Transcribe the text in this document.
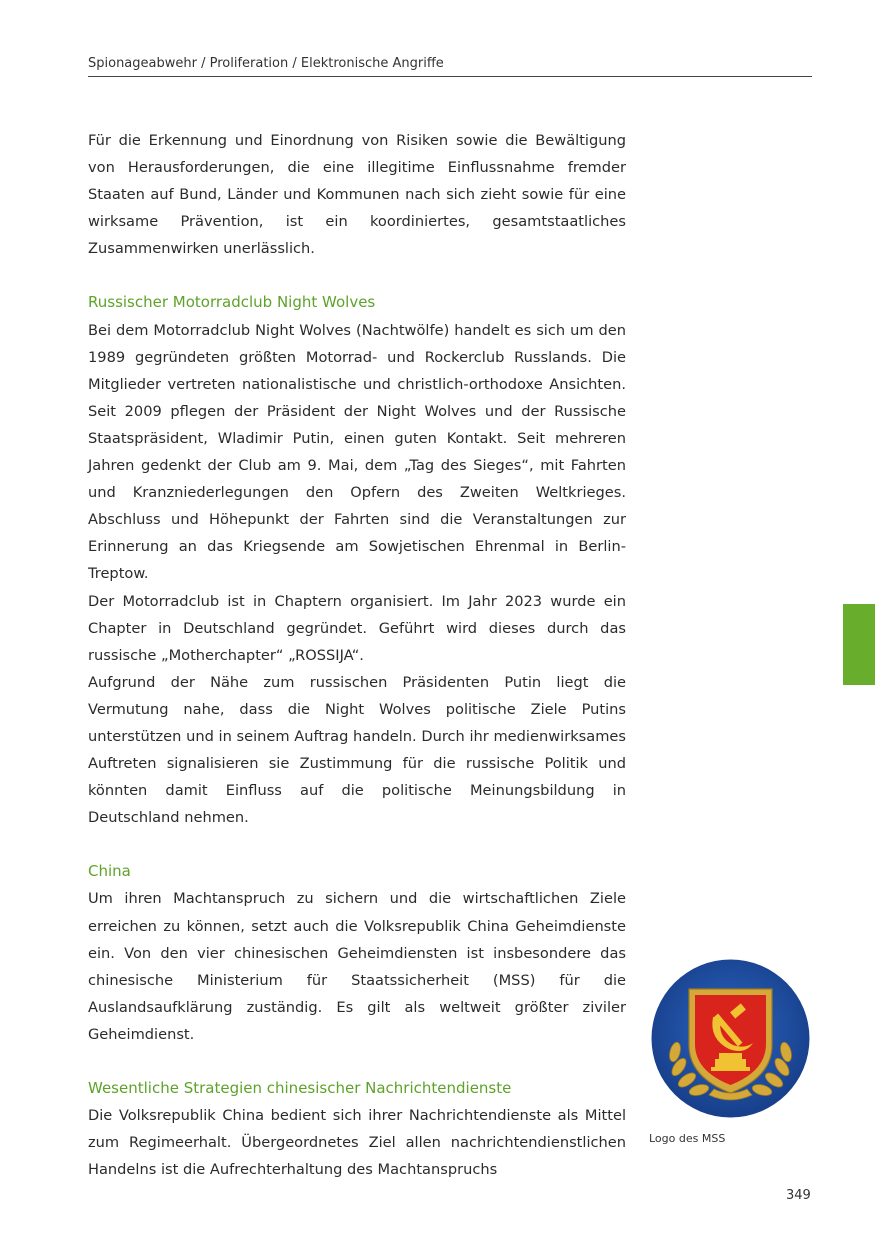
Spionageabwehr / Proliferation / Elektronische Angriffe

Für die Erkennung und Einordnung von Risiken sowie die Bewältigung von Herausforderungen, die eine illegitime Einflussnahme fremder Staaten auf Bund, Länder und Kommunen nach sich zieht sowie für eine wirksame Prävention, ist ein koordiniertes, gesamtstaatliches Zusammenwirken unerlässlich.

Russischer Motorradclub Night Wolves

Bei dem Motorradclub Night Wolves (Nachtwölfe) handelt es sich um den 1989 gegründeten größten Motorrad- und Rockerclub Russlands. Die Mitglieder vertreten nationalistische und christlich-orthodoxe Ansichten. Seit 2009 pflegen der Präsident der Night Wolves und der Russische Staatspräsident, Wladimir Putin, einen guten Kontakt. Seit mehreren Jahren gedenkt der Club am 9. Mai, dem „Tag des Sieges“, mit Fahrten und Kranzniederlegungen den Opfern des Zweiten Weltkrieges. Abschluss und Höhepunkt der Fahrten sind die Veranstaltungen zur Erinnerung an das Kriegsende am Sowjetischen Ehrenmal in Berlin-Treptow.

Der Motorradclub ist in Chaptern organisiert. Im Jahr 2023 wurde ein Chapter in Deutschland gegründet. Geführt wird dieses durch das russische „Motherchapter“ „ROSSIJA“.

Aufgrund der Nähe zum russischen Präsidenten Putin liegt die Vermutung nahe, dass die Night Wolves politische Ziele Putins unterstützen und in seinem Auftrag handeln. Durch ihr medienwirksames Auftreten signalisieren sie Zustimmung für die russische Politik und könnten damit Einfluss auf die politische Meinungsbildung in Deutschland nehmen.

China

Um ihren Machtanspruch zu sichern und die wirtschaftlichen Ziele erreichen zu können, setzt auch die Volksrepublik China Geheimdienste ein. Von den vier chinesischen Geheimdiensten ist insbesondere das chinesische Ministerium für Staatssicherheit (MSS) für die Auslandsaufklärung zuständig. Es gilt als weltweit größter ziviler Geheimdienst.

Wesentliche Strategien chinesischer Nachrichtendienste

Die Volksrepublik China bedient sich ihrer Nachrichtendienste als Mittel zum Regimeerhalt. Übergeordnetes Ziel allen nachrichtendienstlichen Handelns ist die Aufrechterhaltung des Machtanspruchs

Logo des MSS
349
